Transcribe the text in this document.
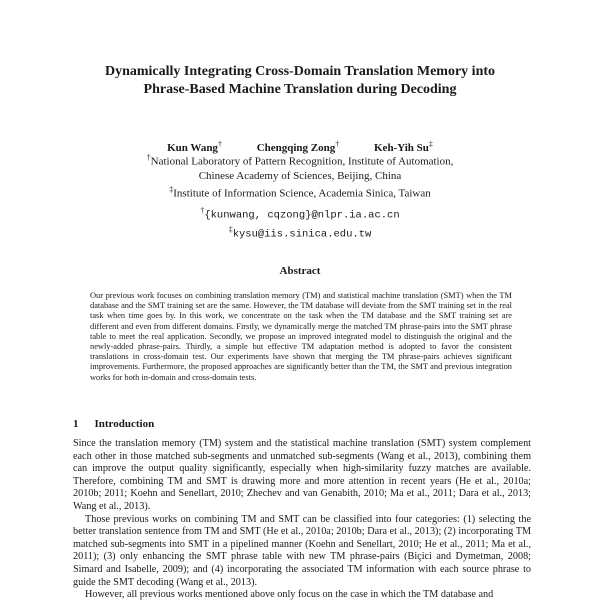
Dynamically Integrating Cross-Domain Translation Memory into
Phrase-Based Machine Translation during Decoding
Kun Wang†	Chengqing Zong†	Keh-Yih Su‡
†National Laboratory of Pattern Recognition, Institute of Automation,
Chinese Academy of Sciences, Beijing, China
‡Institute of Information Science, Academia Sinica, Taiwan
†{kunwang, cqzong}@nlpr.ia.ac.cn
‡kysu@iis.sinica.edu.tw
Abstract

Our previous work focuses on combining translation memory (TM) and statistical machine translation (SMT) when the TM database and the SMT training set are the same. However, the TM database will deviate from the SMT training set in the real task when time goes by. In this work, we concentrate on the task when the TM database and the SMT training set are different and even from different domains. Firstly, we dynamically merge the matched TM phrase-pairs into the SMT phrase table to meet the real application. Secondly, we propose an improved integrated model to distinguish the original and the newly-added phrase-pairs. Thirdly, a simple but effective TM adaptation method is adopted to favor the consistent translations in cross-domain test. Our experiments have shown that merging the TM phrase-pairs achieves significant improvements. Furthermore, the proposed approaches are significantly better than the TM, the SMT and previous integration works for both in-domain and cross-domain tests.

1 Introduction

Since the translation memory (TM) system and the statistical machine translation (SMT) system complement each other in those matched sub-segments and unmatched sub-segments (Wang et al., 2013), combining them can improve the output quality significantly, especially when high-similarity fuzzy matches are available. Therefore, combining TM and SMT is drawing more and more attention in recent years (He et al., 2010a; 2010b; 2011; Koehn and Senellart, 2010; Zhechev and van Genabith, 2010; Ma et al., 2011; Dara et al., 2013; Wang et al., 2013).

Those previous works on combining TM and SMT can be classified into four categories: (1) selecting the better translation sentence from TM and SMT (He et al., 2010a; 2010b; Dara et al., 2013); (2) incorporating TM matched sub-segments into SMT in a pipelined manner (Koehn and Senellart, 2010; He et al., 2011; Ma et al., 2011); (3) only enhancing the SMT phrase table with new TM phrase-pairs (Biçici and Dymetman, 2008; Simard and Isabelle, 2009); and (4) incorporating the associated TM information with each source phrase to guide the SMT decoding (Wang et al., 2013).

However, all previous works mentioned above only focus on the case in which the TM database and
